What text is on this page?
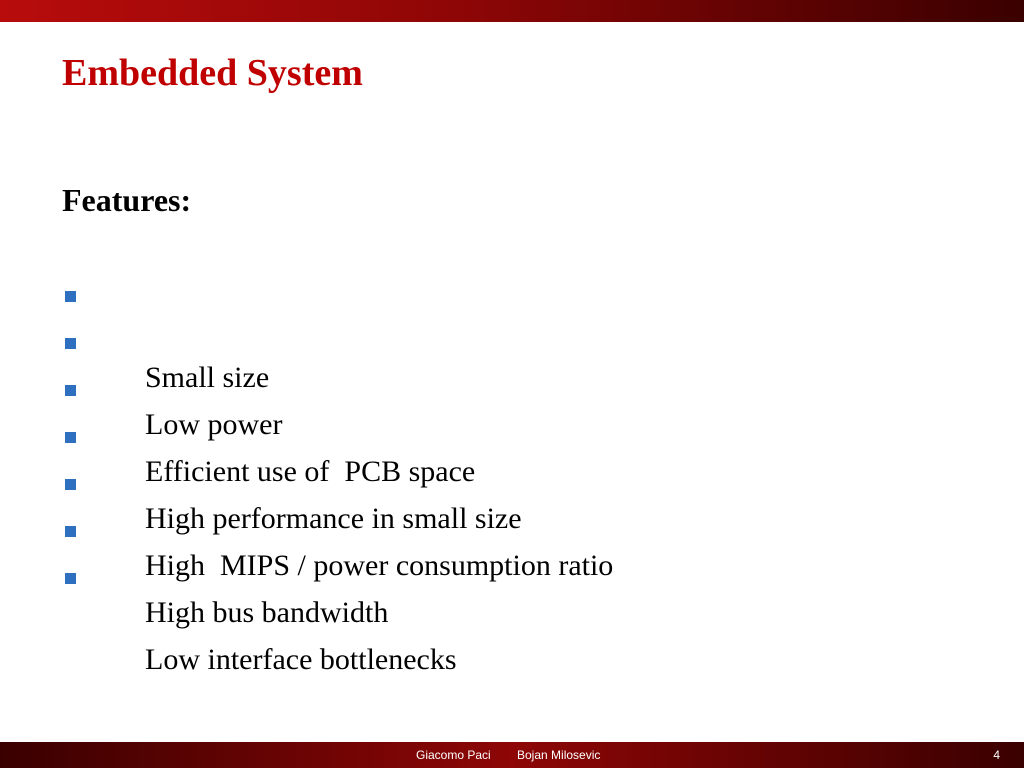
Embedded System
Features:

Small size

Low power

Efficient use of  PCB space

High performance in small size

High  MIPS / power consumption ratio

High bus bandwidth

Low interface bottlenecks

Giacomo Paci Bojan Milosevic	4
